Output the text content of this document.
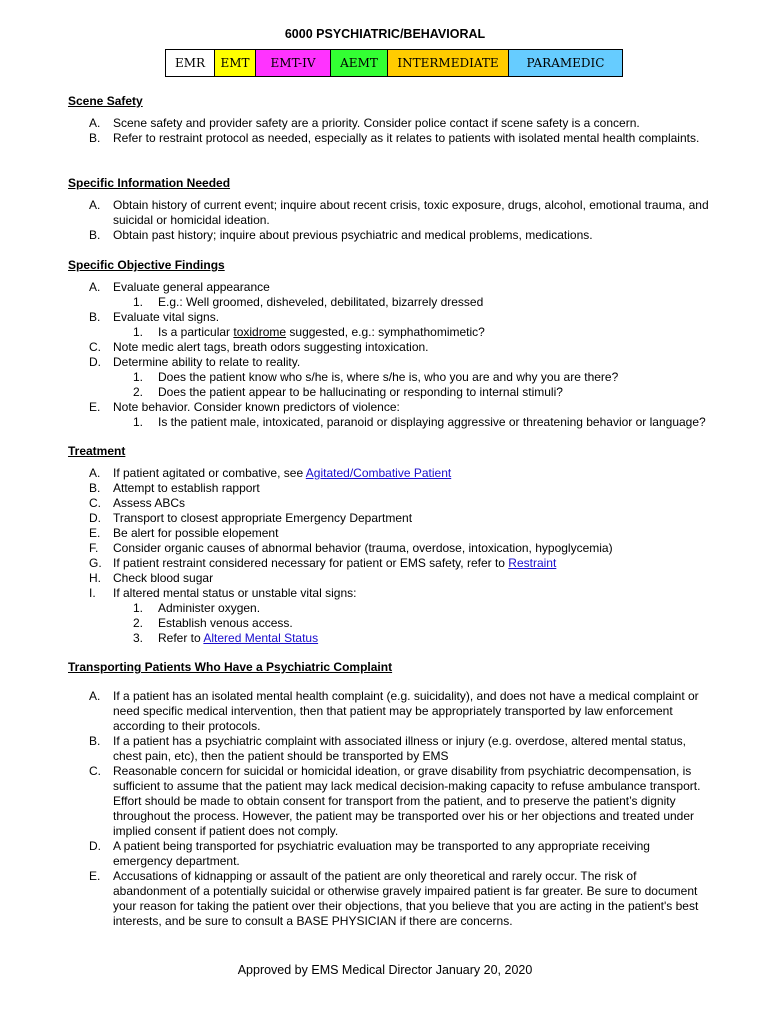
6000 PSYCHIATRIC/BEHAVIORAL
EMR	EMT	EMT-IV	AEMT	INTERMEDIATE	PARAMEDIC
Scene Safety
A.	Scene safety and provider safety are a priority. Consider police contact if scene safety is a concern.
B.	Refer to restraint protocol as needed, especially as it relates to patients with isolated mental health complaints.
Specific Information Needed
A.	Obtain history of current event; inquire about recent crisis, toxic exposure, drugs, alcohol, emotional trauma, and suicidal or homicidal ideation.
B.	Obtain past history; inquire about previous psychiatric and medical problems, medications.
Specific Objective Findings
A.	Evaluate general appearance
1.	E.g.: Well groomed, disheveled, debilitated, bizarrely dressed
B.	Evaluate vital signs.
1.	Is a particular toxidrome suggested, e.g.: symphathomimetic?
C.	Note medic alert tags, breath odors suggesting intoxication.
D.	Determine ability to relate to reality.
1.	Does the patient know who s/he is, where s/he is, who you are and why you are there?
2.	Does the patient appear to be hallucinating or responding to internal stimuli?
E.	Note behavior. Consider known predictors of violence:
1.	Is the patient male, intoxicated, paranoid or displaying aggressive or threatening behavior or language?
Treatment
A.	If patient agitated or combative, see Agitated/Combative Patient
B.	Attempt to establish rapport
C.	Assess ABCs
D.	Transport to closest appropriate Emergency Department
E.	Be alert for possible elopement
F.	Consider organic causes of abnormal behavior (trauma, overdose, intoxication, hypoglycemia)
G. If patient restraint considered necessary for patient or EMS safety, refer to Restraint
H.	Check blood sugar
I.	If altered mental status or unstable vital signs:
1.	Administer oxygen.
2.	Establish venous access.
3.	Refer to Altered Mental Status
Transporting Patients Who Have a Psychiatric Complaint
A.	If a patient has an isolated mental health complaint (e.g. suicidality), and does not have a medical complaint or need specific medical intervention, then that patient may be appropriately transported by law enforcement according to their protocols.
B.	If a patient has a psychiatric complaint with associated illness or injury (e.g. overdose, altered mental status, chest pain, etc), then the patient should be transported by EMS
C.	Reasonable concern for suicidal or homicidal ideation, or grave disability from psychiatric decompensation, is sufficient to assume that the patient may lack medical decision-making capacity to refuse ambulance transport. Effort should be made to obtain consent for transport from the patient, and to preserve the patient’s dignity throughout the process. However, the patient may be transported over his or her objections and treated under implied consent if patient does not comply.
D.	A patient being transported for psychiatric evaluation may be transported to any appropriate receiving emergency department.
E.	Accusations of kidnapping or assault of the patient are only theoretical and rarely occur. The risk of abandonment of a potentially suicidal or otherwise gravely impaired patient is far greater. Be sure to document your reason for taking the patient over their objections, that you believe that you are acting in the patient's best interests, and be sure to consult a BASE PHYSICIAN if there are concerns.
Approved by EMS Medical Director January 20, 2020
